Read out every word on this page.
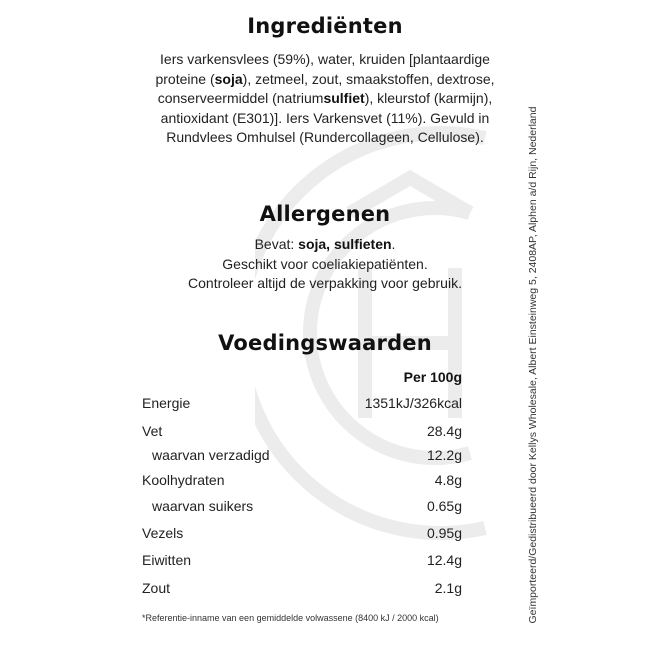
Ingrediënten
Iers varkensvlees (59%), water, kruiden [plantaardige
proteine (soja), zetmeel, zout, smaakstoffen, dextrose,
conserveermiddel (natriumsulfiet), kleurstof (karmijn),
antioxidant (E301)]. Iers Varkensvet (11%). Gevuld in
Rundvlees Omhulsel (Rundercollageen, Cellulose).
Allergenen
Bevat: soja, sulfieten.
Geschikt voor coeliakiepatiënten.
Controleer altijd de verpakking voor gebruik.
Voedingswaarden
Per 100g
Energie	1351kJ/326kcal
Vet	28.4g
waarvan verzadigd	12.2g
Koolhydraten	4.8g
waarvan suikers	0.65g
Vezels	0.95g
Eiwitten	12.4g
Zout	2.1g
*Referentie-inname van een gemiddelde volwassene (8400 kJ / 2000 kcal)	Geïmporteerd/Gedistribueerd door Kellys Wholesale, Albert Einsteinweg 5, 2408AP, Alphen a/d Rijn, Nederland
